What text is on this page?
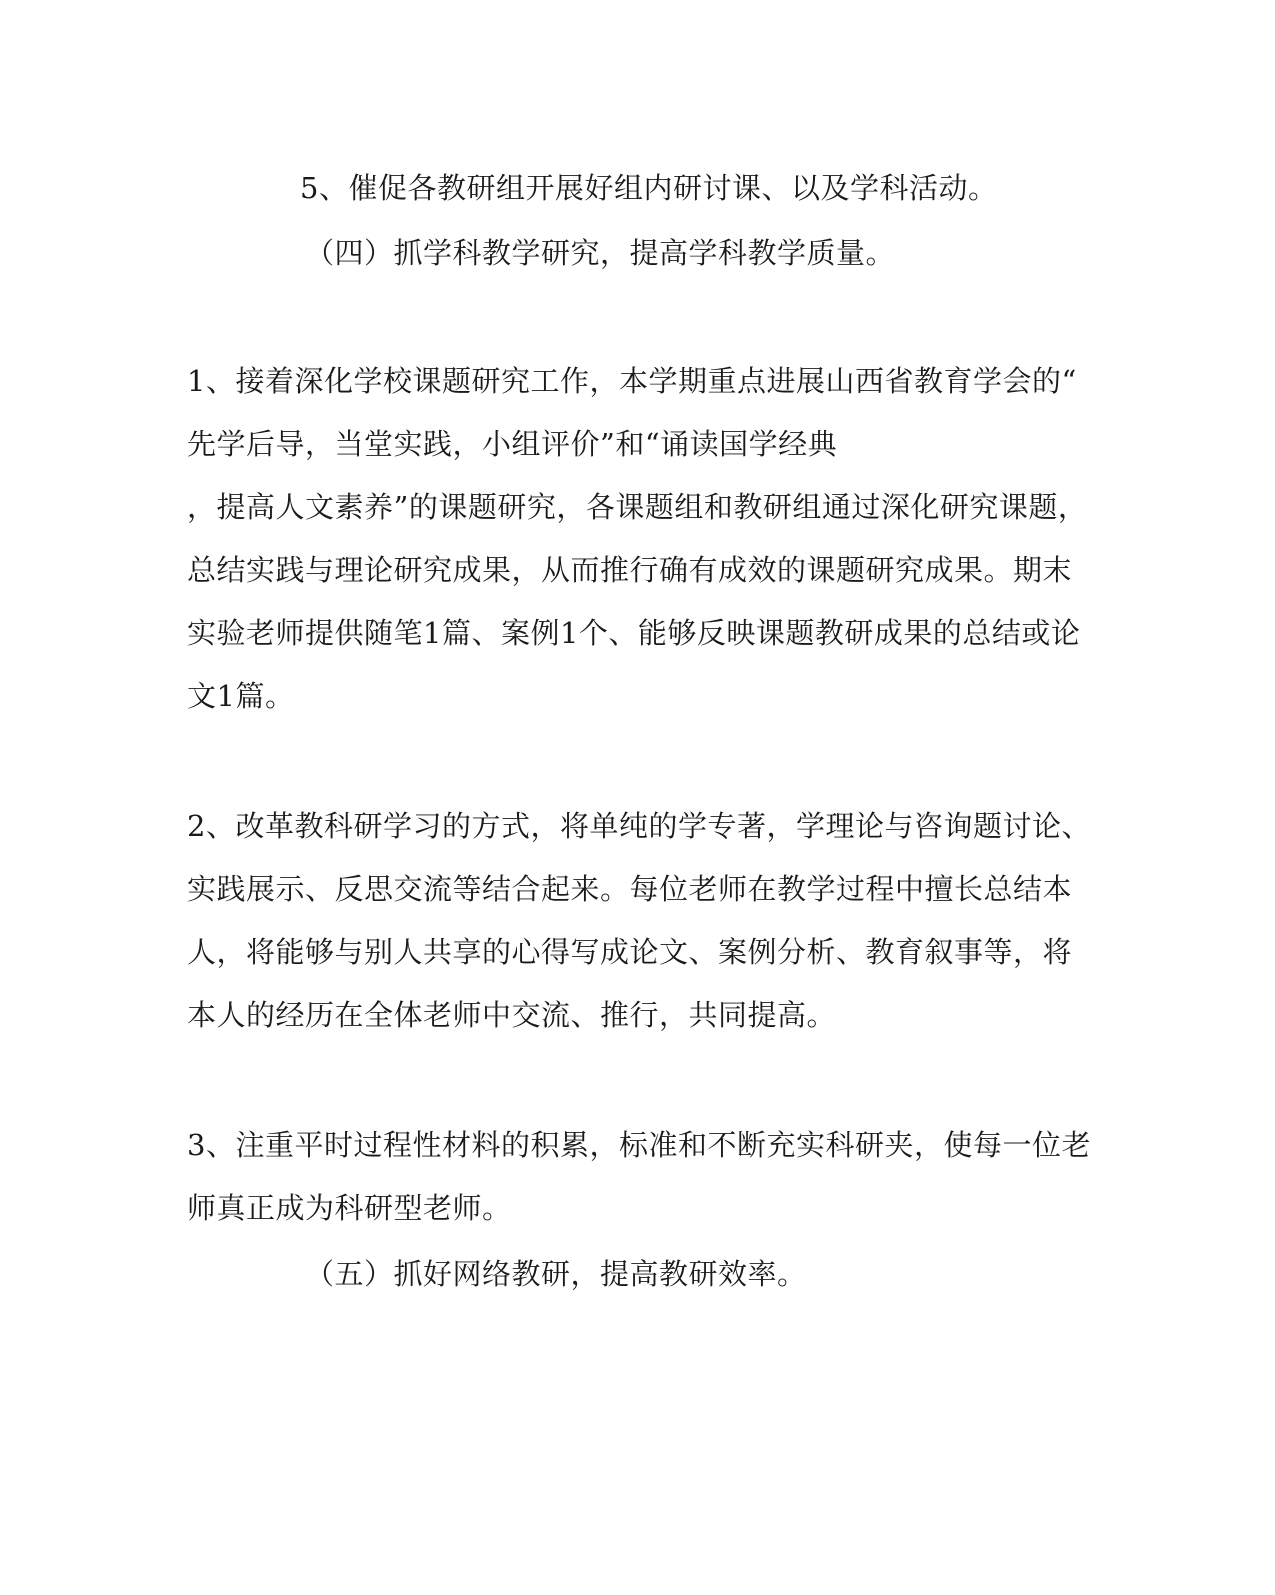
5、催促各教研组开展好组内研讨课、以及学科活动。
（四）抓学科教学研究，提高学科教学质量。
1、接着深化学校课题研究工作，本学期重点进展山西省教育学会的“
先学后导，当堂实践，小组评价”和“诵读国学经典
，提高人文素养”的课题研究，各课题组和教研组通过深化研究课题，
总结实践与理论研究成果，从而推行确有成效的课题研究成果。期末
实验老师提供随笔1篇、案例1个、能够反映课题教研成果的总结或论
文1篇。
2、改革教科研学习的方式，将单纯的学专著，学理论与咨询题讨论、
实践展示、反思交流等结合起来。每位老师在教学过程中擅长总结本
人，将能够与别人共享的心得写成论文、案例分析、教育叙事等，将
本人的经历在全体老师中交流、推行，共同提高。
3、注重平时过程性材料的积累，标准和不断充实科研夹，使每一位老
师真正成为科研型老师。
（五）抓好网络教研，提高教研效率。
